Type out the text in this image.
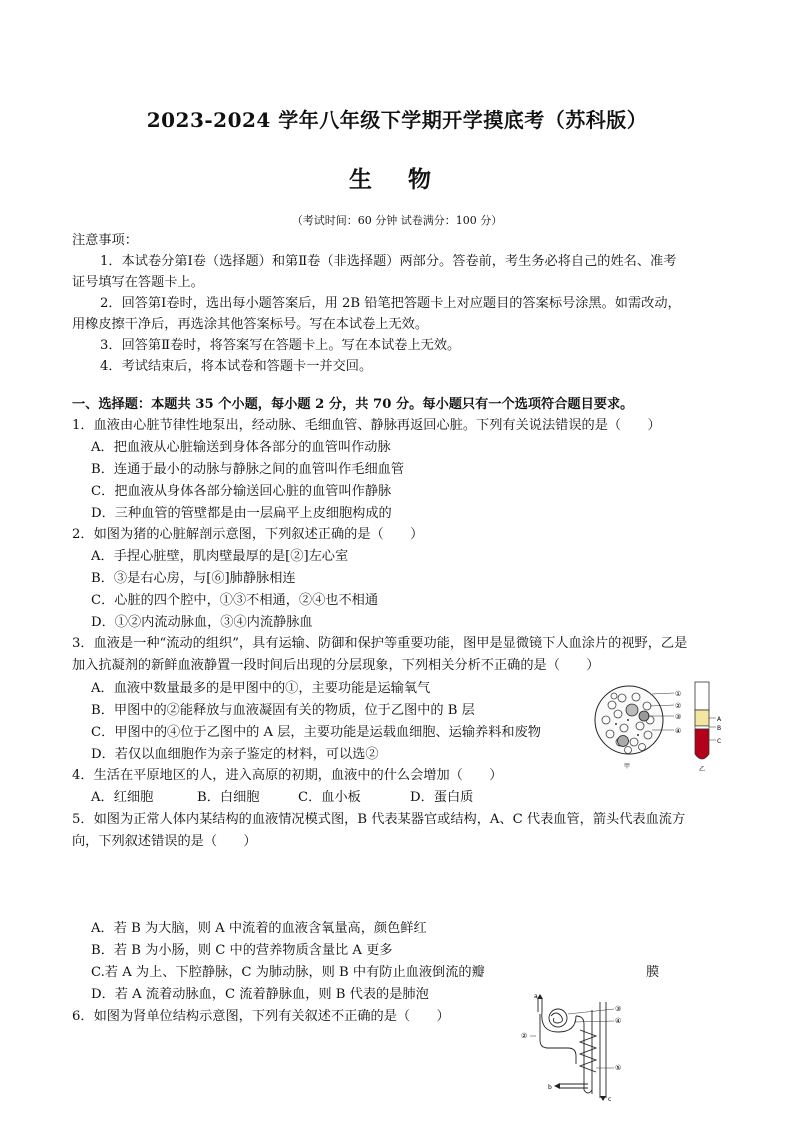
2023-2024 学年八年级下学期开学摸底考（苏科版）
生 物
（考试时间：60 分钟 试卷满分：100 分）
注意事项：
1．本试卷分第Ⅰ卷（选择题）和第Ⅱ卷（非选择题）两部分。答卷前，考生务必将自己的姓名、准考
证号填写在答题卡上。
2．回答第Ⅰ卷时，选出每小题答案后，用 2B 铅笔把答题卡上对应题目的答案标号涂黑。如需改动，
用橡皮擦干净后，再选涂其他答案标号。写在本试卷上无效。
3．回答第Ⅱ卷时，将答案写在答题卡上。写在本试卷上无效。
4．考试结束后，将本试卷和答题卡一并交回。
一、选择题：本题共 35 个小题，每小题 2 分，共 70 分。每小题只有一个选项符合题目要求。
1．血液由心脏节律性地泵出，经动脉、毛细血管、静脉再返回心脏。下列有关说法错误的是（　　）
A．把血液从心脏输送到身体各部分的血管叫作动脉
B．连通于最小的动脉与静脉之间的血管叫作毛细血管
C．把血液从身体各部分输送回心脏的血管叫作静脉
D．三种血管的管壁都是由一层扁平上皮细胞构成的
2．如图为猪的心脏解剖示意图，下列叙述正确的是（　　）
A．手捏心脏壁，肌肉壁最厚的是[②]左心室
B．③是右心房，与[⑥]肺静脉相连
C．心脏的四个腔中，①③不相通，②④也不相通
D．①②内流动脉血，③④内流静脉血
3．血液是一种“流动的组织”，具有运输、防御和保护等重要功能，图甲是显微镜下人血涂片的视野，乙是
加入抗凝剂的新鲜血液静置一段时间后出现的分层现象，下列相关分析不正确的是（　　）
A．血液中数量最多的是甲图中的①，主要功能是运输氧气
B．甲图中的②能释放与血液凝固有关的物质，位于乙图中的 B 层
C．甲图中的④位于乙图中的 A 层，主要功能是运载血细胞、运输养料和废物
D．若仅以血细胞作为亲子鉴定的材料，可以选②
①
②
③
④
甲
A
B
C
乙
4．生活在平原地区的人，进入高原的初期，血液中的什么会增加（　　）
A．红细胞	B．白细胞	C．血小板	D．蛋白质
5．如图为正常人体内某结构的血液情况模式图，B 代表某器官或结构，A、C 代表血管，箭头代表血流方
向，下列叙述错误的是（　　）
A．若 B 为大脑，则 A 中流着的血液含氧量高，颜色鲜红
B．若 B 为小肠，则 C 中的营养物质含量比 A 更多
C.若 A 为上、下腔静脉，C 为肺动脉，则 B 中有防止血液倒流的瓣	膜
D．若 A 流着动脉血，C 流着静脉血，则 B 代表的是肺泡
6．如图为肾单位结构示意图，下列有关叙述不正确的是（　　）
a
b
c
②
③
④
⑤
